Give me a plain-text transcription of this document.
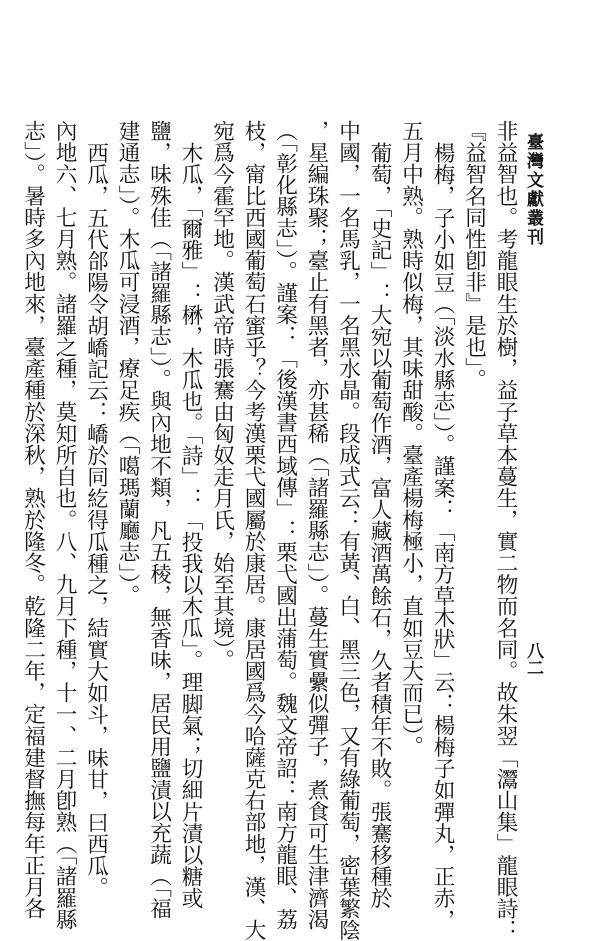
臺灣文獻叢刊
八二
非益智也。考龍眼生於樹，益子草本蔓生，實二物而名同。故朱翌「灊山集」龍眼詩：
『益智名同性卽非』是也」。
楊梅，子小如豆（「淡水縣志」）。謹案：「南方草木狀」云：楊梅子如彈丸，正赤，
五月中熟。熟時似梅，其味甜酸。臺產楊梅極小，直如豆大而已）。
葡萄，「史記」：大宛以葡萄作酒，富人藏酒萬餘石，久者積年不敗。張騫移種於
中國，一名馬乳，一名黑水晶。段成式云：有黃、白、黑三色，又有綠葡萄，密葉繁陰
，星編珠聚；臺止有黑者，亦甚稀（「諸羅縣志」）。蔓生實纍似彈子，煮食可生津濟渴
（「彰化縣志」）。謹案：「後漢書西域傳」：栗弋國出蒲萄。魏文帝詔：南方龍眼、荔
枝，甯比西國葡萄石蜜乎？今考漢栗弋國屬於康居。康居國爲今哈薩克右部地，漢、大
宛爲今霍罕地。漢武帝時張騫由匈奴走月氏，始至其境）。
木瓜，「爾雅」：楙，木瓜也。「詩」：「投我以木瓜」。理脚氣；切細片漬以糖或
鹽，味殊佳（「諸羅縣志」）。與內地不類，凡五稜，無香味，居民用鹽漬以充蔬（「福
建通志」）。木瓜可浸酒，療足疾（「噶瑪蘭廳志」）。
西瓜，五代郃陽令胡嶠記云：嶠於同紇得瓜種之，結實大如斗，味甘，曰西瓜。
內地六、七月熟。諸羅之種，莫知所自也。八、九月下種，十一、二月卽熟（「諸羅縣
志」）。暑時多內地來，臺產種於深秋，熟於隆冬。乾隆二年，定福建督撫每年正月各
